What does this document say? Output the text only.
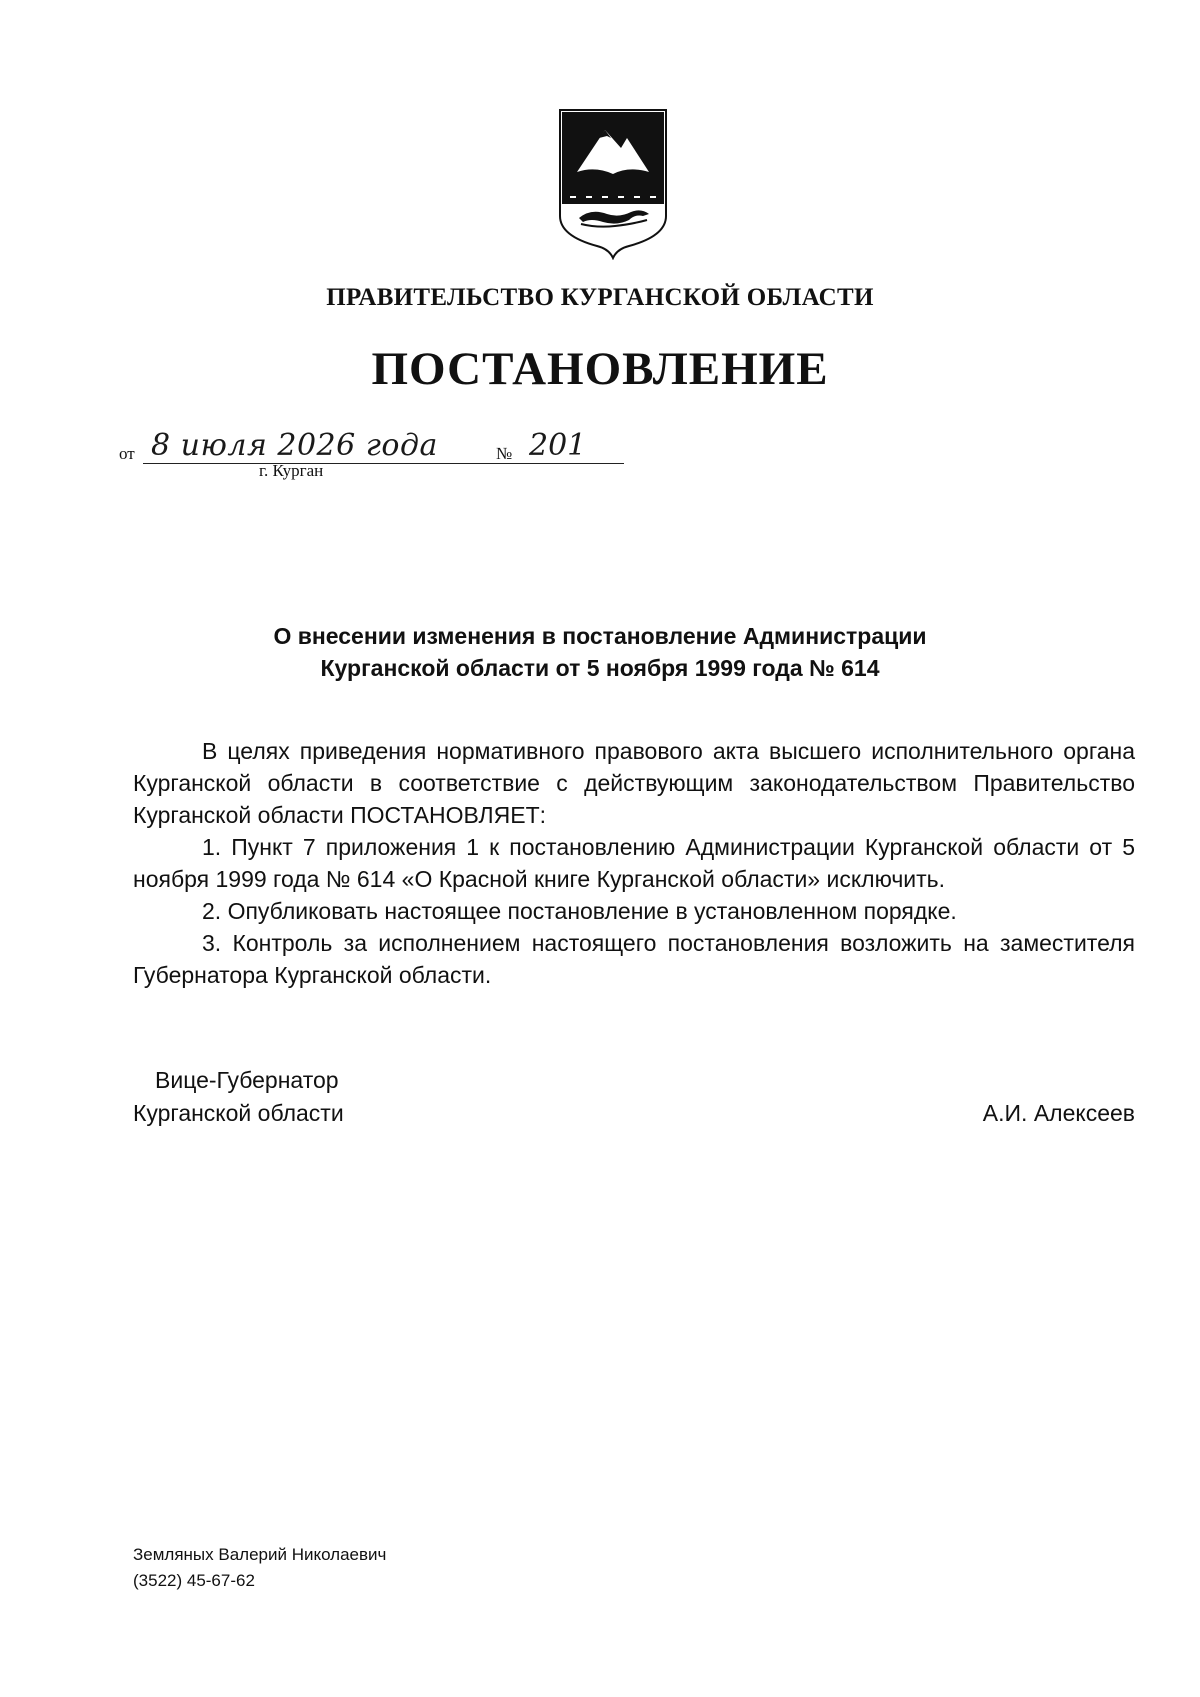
ПРАВИТЕЛЬСТВО КУРГАНСКОЙ ОБЛАСТИ
ПОСТАНОВЛЕНИЕ
от 8 июля 2026 года	№ 201
г. Курган
О внесении изменения в постановление Администрации
Курганской области от 5 ноября 1999 года № 614

В целях приведения нормативного правового акта высшего исполнительного органа Курганской области в соответствие с действующим законодательством Правительство Курганской области ПОСТАНОВЛЯЕТ:

1. Пункт 7 приложения 1 к постановлению Администрации Курганской области от 5 ноября 1999 года № 614 «О Красной книге Курганской области» исключить.

2. Опубликовать настоящее постановление в установленном порядке.

3. Контроль за исполнением настоящего постановления возложить на заместителя Губернатора Курганской области.

Вице-Губернатор
Курганской области	А.И. Алексеев
Земляных Валерий Николаевич
(3522) 45-67-62
